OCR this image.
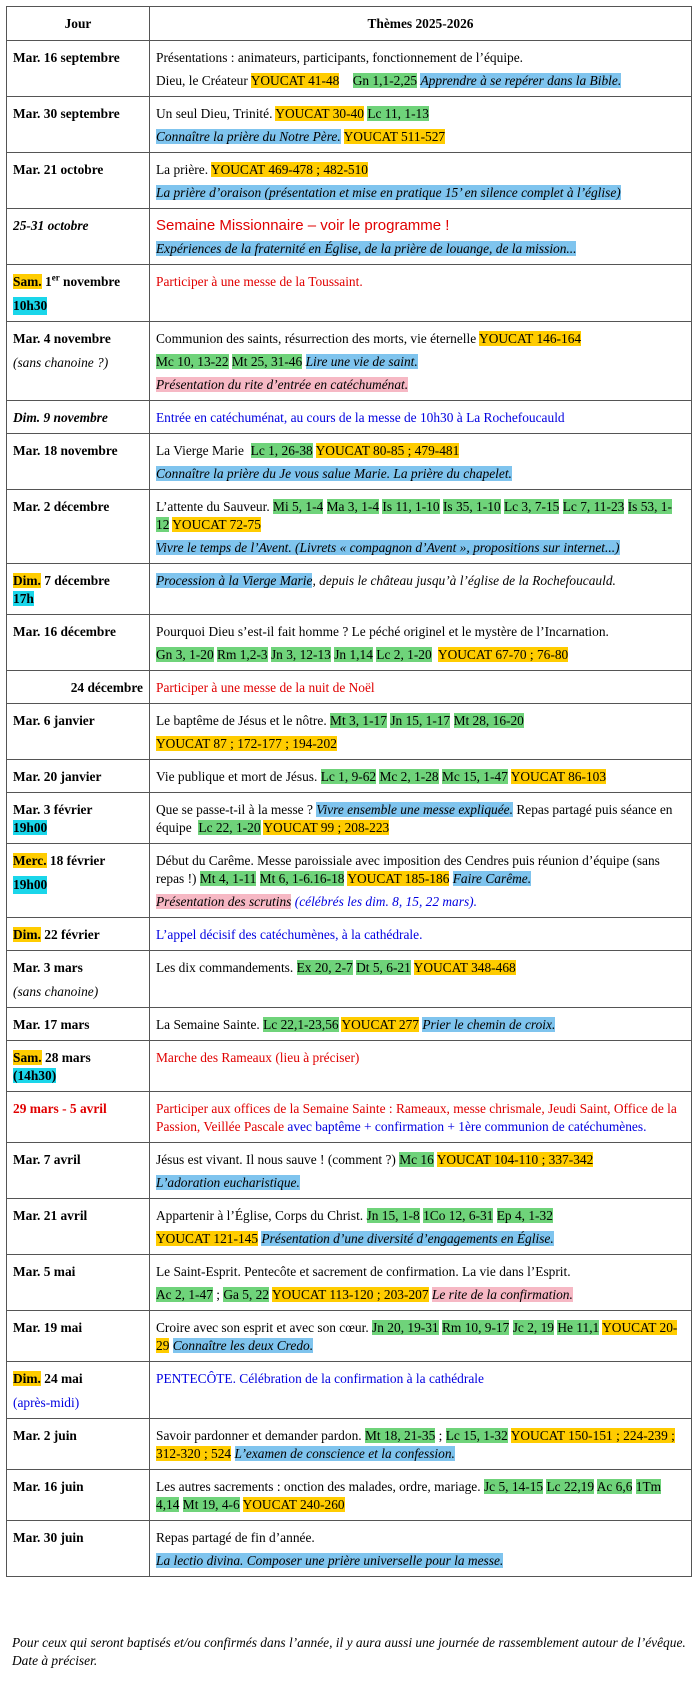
Jour	Thèmes 2025-2026
Mar. 16 septembre	Présentations : animateurs, participants, fonctionnement de l’équipe.
Dieu, le Créateur YOUCAT 41-48 Gn 1,1-2,25 Apprendre à se repérer dans la Bible.

Mar. 30 septembre	Un seul Dieu, Trinité. YOUCAT 30-40 Lc 11, 1-13
Connaître la prière du Notre Père. YOUCAT 511-527

Mar. 21 octobre	La prière. YOUCAT 469-478 ; 482-510
La prière d’oraison (présentation et mise en pratique 15’ en silence complet à l’église)

25-31 octobre	Semaine Missionnaire – voir le programme !
Expériences de la fraternité en Église, de la prière de louange, de la mission...

Sam. 1er novembre
10h30	Participer à une messe de la Toussaint.
Mar. 4 novembre
(sans chanoine ?)	Communion des saints, résurrection des morts, vie éternelle YOUCAT 146-164
Mc 10, 13-22 Mt 25, 31-46 Lire une vie de saint.
Présentation du rite d’entrée en catéchuménat.

Dim. 9 novembre	Entrée en catéchuménat, au cours de la messe de 10h30 à La Rochefoucauld
Mar. 18 novembre	La Vierge Marie Lc 1, 26-38 YOUCAT 80-85 ; 479-481
Connaître la prière du Je vous salue Marie. La prière du chapelet.

Mar. 2 décembre	L’attente du Sauveur. Mi 5, 1-4 Ma 3, 1-4 Is 11, 1-10 Is 35, 1-10 Lc 3, 7-15 Lc 7, 11-23 Is 53, 1-12 YOUCAT 72-75
Vivre le temps de l’Avent. (Livrets « compagnon d’Avent », propositions sur internet...)

Dim. 7 décembre
17h	Procession à la Vierge Marie, depuis le château jusqu’à l’église de la Rochefoucauld.
Mar. 16 décembre	Pourquoi Dieu s’est-il fait homme ? Le péché originel et le mystère de l’Incarnation.
Gn 3, 1-20 Rm 1,2-3 Jn 3, 12-13 Jn 1,14 Lc 2, 1-20 YOUCAT 67-70 ; 76-80

24 décembre	Participer à une messe de la nuit de Noël
Mar. 6 janvier	Le baptême de Jésus et le nôtre. Mt 3, 1-17 Jn 15, 1-17 Mt 28, 16-20
YOUCAT 87 ; 172-177 ; 194-202

Mar. 20 janvier	Vie publique et mort de Jésus. Lc 1, 9-62 Mc 2, 1-28 Mc 15, 1-47 YOUCAT 86-103
Mar. 3 février
19h00	Que se passe-t-il à la messe ? Vivre ensemble une messe expliquée. Repas partagé puis séance en équipe Lc 22, 1-20 YOUCAT 99 ; 208-223
Merc. 18 février
19h00	Début du Carême. Messe paroissiale avec imposition des Cendres puis réunion d’équipe (sans repas !) Mt 4, 1-11 Mt 6, 1-6.16-18 YOUCAT 185-186 Faire Carême.
Présentation des scrutins (célébrés les dim. 8, 15, 22 mars).

Dim. 22 février	L’appel décisif des catéchumènes, à la cathédrale.
Mar. 3 mars
(sans chanoine)	Les dix commandements. Ex 20, 2-7 Dt 5, 6-21 YOUCAT 348-468
Mar. 17 mars	La Semaine Sainte. Lc 22,1-23,56 YOUCAT 277 Prier le chemin de croix.
Sam. 28 mars
(14h30)	Marche des Rameaux (lieu à préciser)
29 mars - 5 avril	Participer aux offices de la Semaine Sainte : Rameaux, messe chrismale, Jeudi Saint, Office de la Passion, Veillée Pascale avec baptême + confirmation + 1ère communion de catéchumènes.
Mar. 7 avril	Jésus est vivant. Il nous sauve ! (comment ?) Mc 16 YOUCAT 104-110 ; 337-342
L’adoration eucharistique.

Mar. 21 avril	Appartenir à l’Église, Corps du Christ. Jn 15, 1-8 1Co 12, 6-31 Ep 4, 1-32
YOUCAT 121-145 Présentation d’une diversité d’engagements en Église.

Mar. 5 mai	Le Saint-Esprit. Pentecôte et sacrement de confirmation. La vie dans l’Esprit.
Ac 2, 1-47 ; Ga 5, 22 YOUCAT 113-120 ; 203-207 Le rite de la confirmation.

Mar. 19 mai	Croire avec son esprit et avec son cœur. Jn 20, 19-31 Rm 10, 9-17 Jc 2, 19 He 11,1 YOUCAT 20-29 Connaître les deux Credo.
Dim. 24 mai
(après-midi)	PENTECÔTE. Célébration de la confirmation à la cathédrale
Mar. 2 juin	Savoir pardonner et demander pardon. Mt 18, 21-35 ; Lc 15, 1-32 YOUCAT 150-151 ; 224-239 ; 312-320 ; 524 L’examen de conscience et la confession.
Mar. 16 juin	Les autres sacrements : onction des malades, ordre, mariage. Jc 5, 14-15 Lc 22,19 Ac 6,6 1Tm 4,14 Mt 19, 4-6 YOUCAT 240-260
Mar. 30 juin	Repas partagé de fin d’année.
La lectio divina. Composer une prière universelle pour la messe.
Pour ceux qui seront baptisés et/ou confirmés dans l’année, il y aura aussi une journée de rassemblement autour de l’évêque. Date à préciser.
